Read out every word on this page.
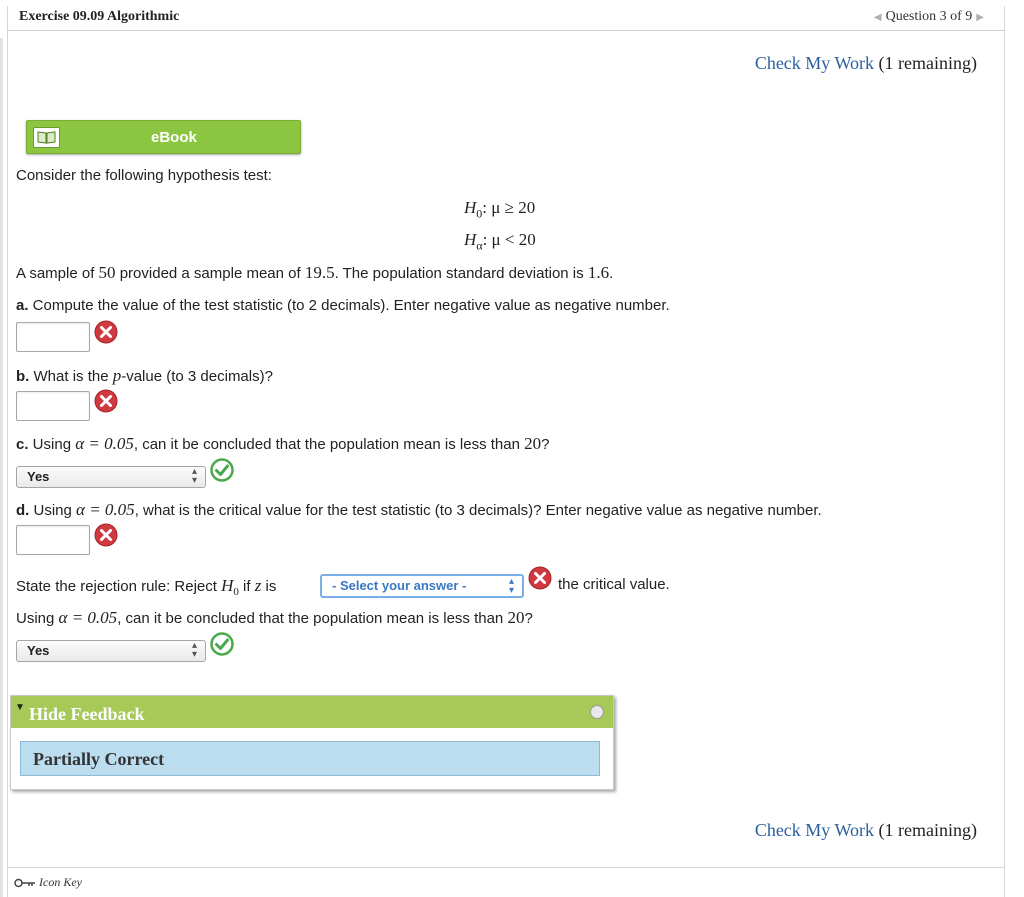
Exercise 09.09 Algorithmic	◀ Question 3 of 9 ▶
Check My Work (1 remaining)
eBook
Consider the following hypothesis test:
$H_0$: μ ≥ 20
$H_\alpha$: μ < 20
A sample of 50 provided a sample mean of 19.5. The population standard deviation is 1.6.
a. Compute the value of the test statistic (to 2 decimals). Enter negative value as negative number.
b. What is the p-value (to 3 decimals)?
c. Using α = 0.05, can it be concluded that the population mean is less than 20?
Yes	▴
▾
d. Using α = 0.05, what is the critical value for the test statistic (to 3 decimals)? Enter negative value as negative number.
State the rejection rule: Reject $H_0$ if z is	- Select your answer -	▴
▾	the critical value.
Using α = 0.05, can it be concluded that the population mean is less than 20?
Yes	▴
▾
▼ Hide Feedback
Partially Correct
Check My Work (1 remaining)
Icon Key
